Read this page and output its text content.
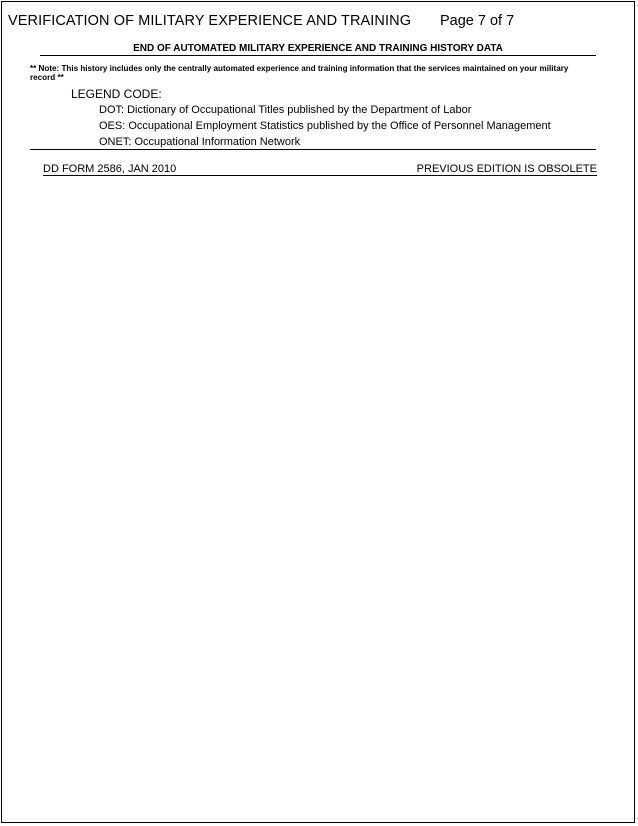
VERIFICATION OF MILITARY EXPERIENCE AND TRAINING Page 7 of 7
END OF AUTOMATED MILITARY EXPERIENCE AND TRAINING HISTORY DATA
** Note: This history includes only the centrally automated experience and training information that the services maintained on your military record **
LEGEND CODE:
DOT: Dictionary of Occupational Titles published by the Department of Labor
OES: Occupational Employment Statistics published by the Office of Personnel Management
ONET: Occupational Information Network
DD FORM 2586, JAN 2010	PREVIOUS EDITION IS OBSOLETE
